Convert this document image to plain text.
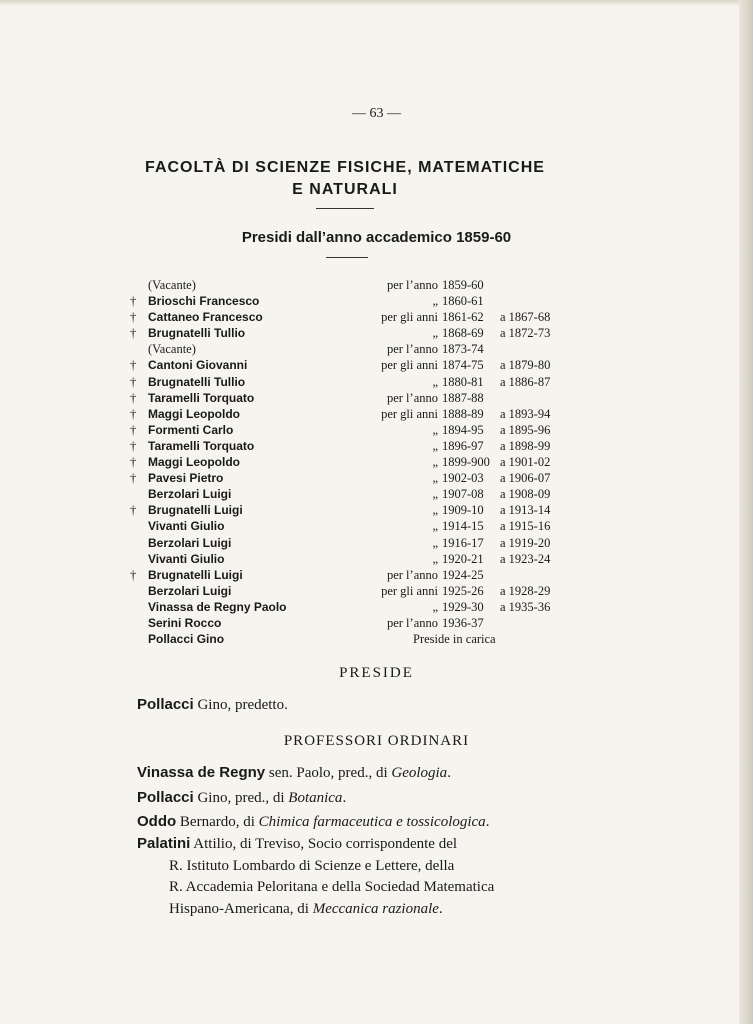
— 63 —
FACOLTÀ DI SCIENZE FISICHE, MATEMATICHE
E NATURALI
Presidi dall’anno accademico 1859-60
(Vacante)	per l’anno 1859-60
† Brioschi Francesco	„ 1860-61
† Cattaneo Francesco	per gli anni 1861-62 a 1867-68
† Brugnatelli Tullio	„ 1868-69 a 1872-73
(Vacante)	per l’anno 1873-74
† Cantoni Giovanni	per gli anni 1874-75 a 1879-80
† Brugnatelli Tullio	„ 1880-81 a 1886-87
† Taramelli Torquato	per l’anno 1887-88
† Maggi Leopoldo	per gli anni 1888-89 a 1893-94
† Formenti Carlo	„ 1894-95 a 1895-96
† Taramelli Torquato	„ 1896-97 a 1898-99
† Maggi Leopoldo	„ 1899-900 a 1901-02
† Pavesi Pietro	„ 1902-03 a 1906-07
Berzolari Luigi	„ 1907-08 a 1908-09
† Brugnatelli Luigi	„ 1909-10 a 1913-14
Vivanti Giulio	„ 1914-15 a 1915-16
Berzolari Luigi	„ 1916-17 a 1919-20
Vivanti Giulio	„ 1920-21 a 1923-24
† Brugnatelli Luigi	per l’anno 1924-25
Berzolari Luigi	per gli anni 1925-26 a 1928-29
Vinassa de Regny Paolo	„ 1929-30 a 1935-36
Serini Rocco	per l’anno 1936-37
Pollacci Gino	Preside in carica
PRESIDE
Pollacci Gino, predetto.
PROFESSORI ORDINARI
Vinassa de Regny sen. Paolo, pred., di Geologia.
Pollacci Gino, pred., di Botanica.
Oddo Bernardo, di Chimica farmaceutica e tossicologica.
Palatini Attilio, di Treviso, Socio corrispondente del
R. Istituto Lombardo di Scienze e Lettere, della
R. Accademia Peloritana e della Sociedad Matematica
Hispano-Americana, di Meccanica razionale.
